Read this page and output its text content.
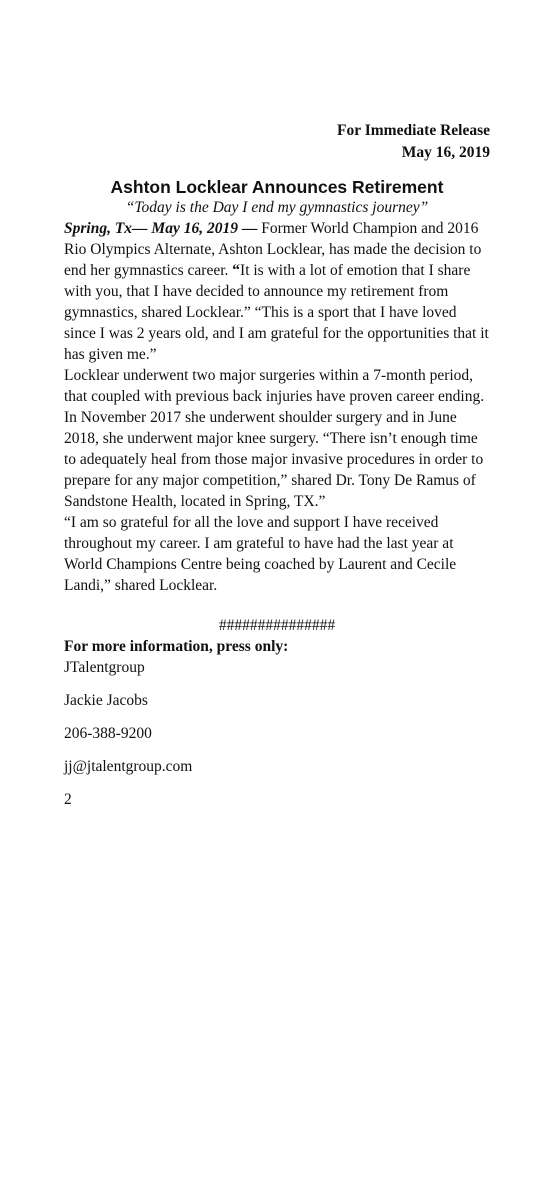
For Immediate Release
May 16, 2019
Ashton Locklear Announces Retirement
“Today is the Day I end my gymnastics journey”

Spring, Tx— May 16, 2019 — Former World Champion and 2016 Rio Olympics Alternate, Ashton Locklear, has made the decision to end her gymnastics career. “It is with a lot of emotion that I share with you, that I have decided to announce my retirement from gymnastics, shared Locklear.” “This is a sport that I have loved since I was 2 years old, and I am grateful for the opportunities that it has given me.”

Locklear underwent two major surgeries within a 7-month period, that coupled with previous back injuries have proven career ending. In November 2017 she underwent shoulder surgery and in June 2018, she underwent major knee surgery. “There isn’t enough time to adequately heal from those major invasive procedures in order to prepare for any major competition,” shared Dr. Tony De Ramus of Sandstone Health, located in Spring, TX.”

“I am so grateful for all the love and support I have received throughout my career. I am grateful to have had the last year at World Champions Centre being coached by Laurent and Cecile Landi,” shared Locklear.

###############
For more information, press only:

JTalentgroup

Jackie Jacobs

206-388-9200

jj@jtalentgroup.com

2
